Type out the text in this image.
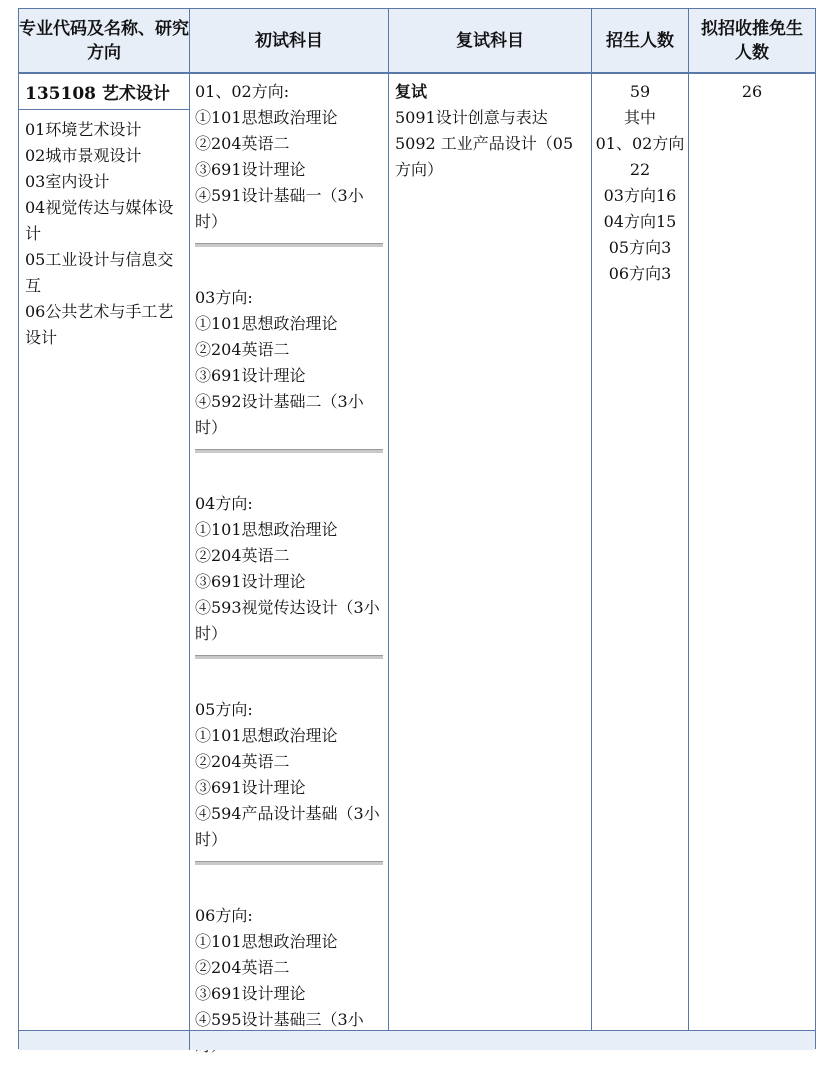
专业代码及名称、研究方向
初试科目	复试科目	招生人数
拟招收推免生人数
135108 艺术设计
01环境艺术设计
02城市景观设计
03室内设计
04视觉传达与媒体设计
05工业设计与信息交互
06公共艺术与手工艺设计
01、02方向:
①101思想政治理论
②204英语二
③691设计理论
④591设计基础一（3小时）
03方向:
①101思想政治理论
②204英语二
③691设计理论
④592设计基础二（3小时）
04方向:
①101思想政治理论
②204英语二
③691设计理论
④593视觉传达设计（3小时）
05方向:
①101思想政治理论
②204英语二
③691设计理论
④594产品设计基础（3小时）
06方向:
①101思想政治理论
②204英语二
③691设计理论
④595设计基础三（3小
复试
5091设计创意与表达
5092 工业产品设计（05方向）
59
其中
01、02方向22
03方向16
04方向15
05方向3
06方向3
26
